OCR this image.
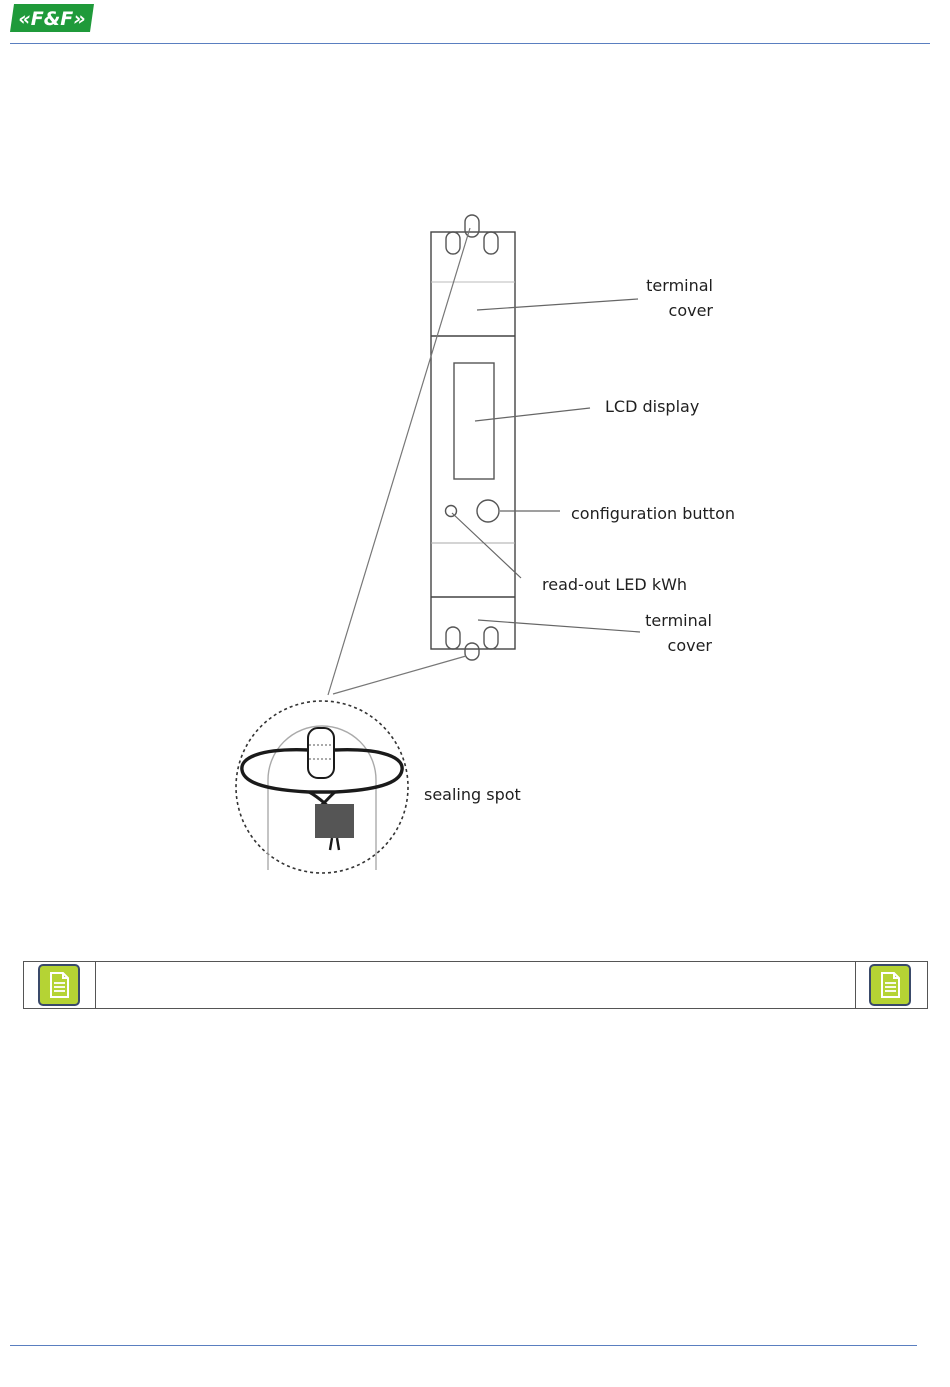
«F&F»
terminal
cover
LCD display
configuration button
read-out LED kWh
terminal
cover
sealing spot
